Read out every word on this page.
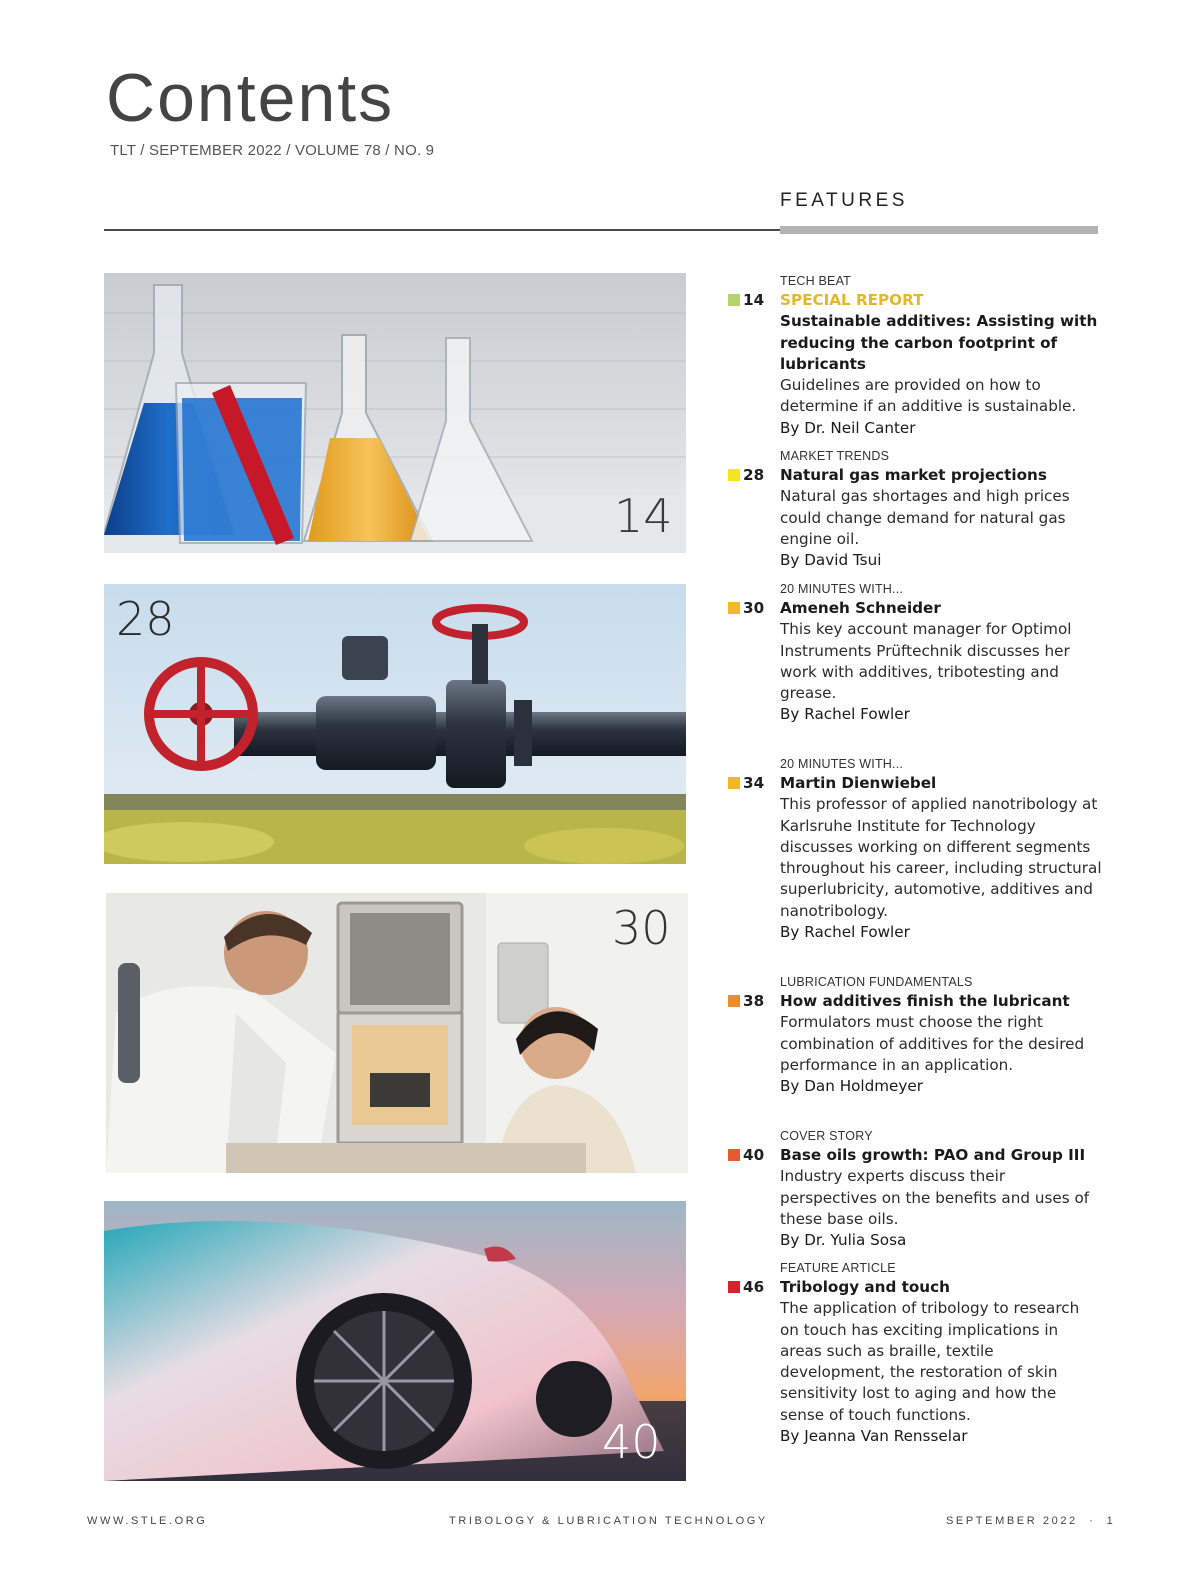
Contents
TLT / SEPTEMBER 2022 / VOLUME 78 / NO. 9
FEATURES
14
28
30
40
TECH BEAT
14 SPECIAL REPORT
Sustainable additives: Assisting with reducing the carbon footprint of lubricants
Guidelines are provided on how to determine if an additive is sustainable.
By Dr. Neil Canter
MARKET TRENDS
28 Natural gas market projections
Natural gas shortages and high prices could change demand for natural gas engine oil.
By David Tsui
20 MINUTES WITH...
30 Ameneh Schneider
This key account manager for Optimol Instruments Prüftechnik discusses her work with additives, tribotesting and grease.
By Rachel Fowler
20 MINUTES WITH...
34 Martin Dienwiebel
This professor of applied nanotribology at Karlsruhe Institute for Technology discusses working on different segments throughout his career, including structural superlubricity, automotive, additives and nanotribology.
By Rachel Fowler
LUBRICATION FUNDAMENTALS
38 How additives finish the lubricant
Formulators must choose the right combination of additives for the desired performance in an application.
By Dan Holdmeyer
COVER STORY
40 Base oils growth: PAO and Group III
Industry experts discuss their perspectives on the benefits and uses of these base oils.
By Dr. Yulia Sosa
FEATURE ARTICLE
46 Tribology and touch
The application of tribology to research on touch has exciting implications in areas such as braille, textile development, the restoration of skin sensitivity lost to aging and how the sense of touch functions.
By Jeanna Van Rensselar
WWW.STLE.ORG	TRIBOLOGY & LUBRICATION TECHNOLOGY	SEPTEMBER 2022  ·  1
